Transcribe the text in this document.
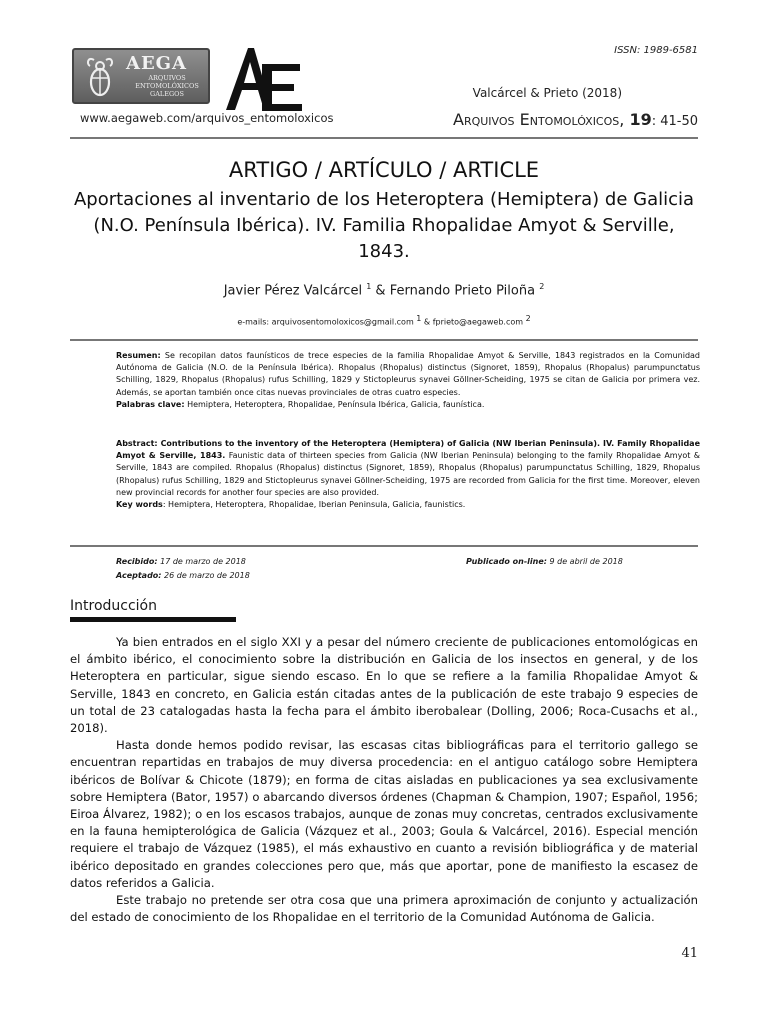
AEGA
ARQUIVOS ENTOMOLÓXICOS GALEGOS
AE
www.aegaweb.com/arquivos_entomoloxicos
ISSN: 1989-6581
Valcárcel & Prieto (2018)
Arquivos Entomolóxicos, 19: 41-50
ARTIGO / ARTÍCULO / ARTICLE
Aportaciones al inventario de los Heteroptera (Hemiptera) de Galicia (N.O. Península Ibérica). IV. Familia Rhopalidae Amyot & Serville, 1843.
Javier Pérez Valcárcel $^1$ & Fernando Prieto Piloña $^2$
e-mails: arquivosentomoloxicos@gmail.com $^1$ & fprieto@aegaweb.com $^2$

Resumen: Se recopilan datos faunísticos de trece especies de la familia Rhopalidae Amyot & Serville, 1843 registrados en la Comunidad Autónoma de Galicia (N.O. de la Península Ibérica). Rhopalus (Rhopalus) distinctus (Signoret, 1859), Rhopalus (Rhopalus) parumpunctatus Schilling, 1829, Rhopalus (Rhopalus) rufus Schilling, 1829 y Stictopleurus synavei Göllner-Scheiding, 1975 se citan de Galicia por primera vez. Además, se aportan también once citas nuevas provinciales de otras cuatro especies.

Palabras clave: Hemiptera, Heteroptera, Rhopalidae, Península Ibérica, Galicia, faunística.

Abstract: Contributions to the inventory of the Heteroptera (Hemiptera) of Galicia (NW Iberian Peninsula). IV. Family Rhopalidae Amyot & Serville, 1843. Faunistic data of thirteen species from Galicia (NW Iberian Peninsula) belonging to the family Rhopalidae Amyot & Serville, 1843 are compiled. Rhopalus (Rhopalus) distinctus (Signoret, 1859), Rhopalus (Rhopalus) parumpunctatus Schilling, 1829, Rhopalus (Rhopalus) rufus Schilling, 1829 and Stictopleurus synavei Göllner-Scheiding, 1975 are recorded from Galicia for the first time. Moreover, eleven new provincial records for another four species are also provided.

Key words: Hemiptera, Heteroptera, Rhopalidae, Iberian Peninsula, Galicia, faunistics.

Recibido: 17 de marzo de 2018
Aceptado: 26 de marzo de 2018
Publicado on-line: 9 de abril de 2018
Introducción

Ya bien entrados en el siglo XXI y a pesar del número creciente de publicaciones entomológicas en el ámbito ibérico, el conocimiento sobre la distribución en Galicia de los insectos en general, y de los Heteroptera en particular, sigue siendo escaso. En lo que se refiere a la familia Rhopalidae Amyot & Serville, 1843 en concreto, en Galicia están citadas antes de la publicación de este trabajo 9 especies de un total de 23 catalogadas hasta la fecha para el ámbito iberobalear (Dolling, 2006; Roca-Cusachs et al., 2018).

Hasta donde hemos podido revisar, las escasas citas bibliográficas para el territorio gallego se encuentran repartidas en trabajos de muy diversa procedencia: en el antiguo catálogo sobre Hemiptera ibéricos de Bolívar & Chicote (1879); en forma de citas aisladas en publicaciones ya sea exclusivamente sobre Hemiptera (Bator, 1957) o abarcando diversos órdenes (Chapman & Champion, 1907; Español, 1956; Eiroa Álvarez, 1982); o en los escasos trabajos, aunque de zonas muy concretas, centrados exclusivamente en la fauna hemipterológica de Galicia (Vázquez et al., 2003; Goula & Valcárcel, 2016). Especial mención requiere el trabajo de Vázquez (1985), el más exhaustivo en cuanto a revisión bibliográfica y de material ibérico depositado en grandes colecciones pero que, más que aportar, pone de manifiesto la escasez de datos referidos a Galicia.

Este trabajo no pretende ser otra cosa que una primera aproximación de conjunto y actualización del estado de conocimiento de los Rhopalidae en el territorio de la Comunidad Autónoma de Galicia.

41
